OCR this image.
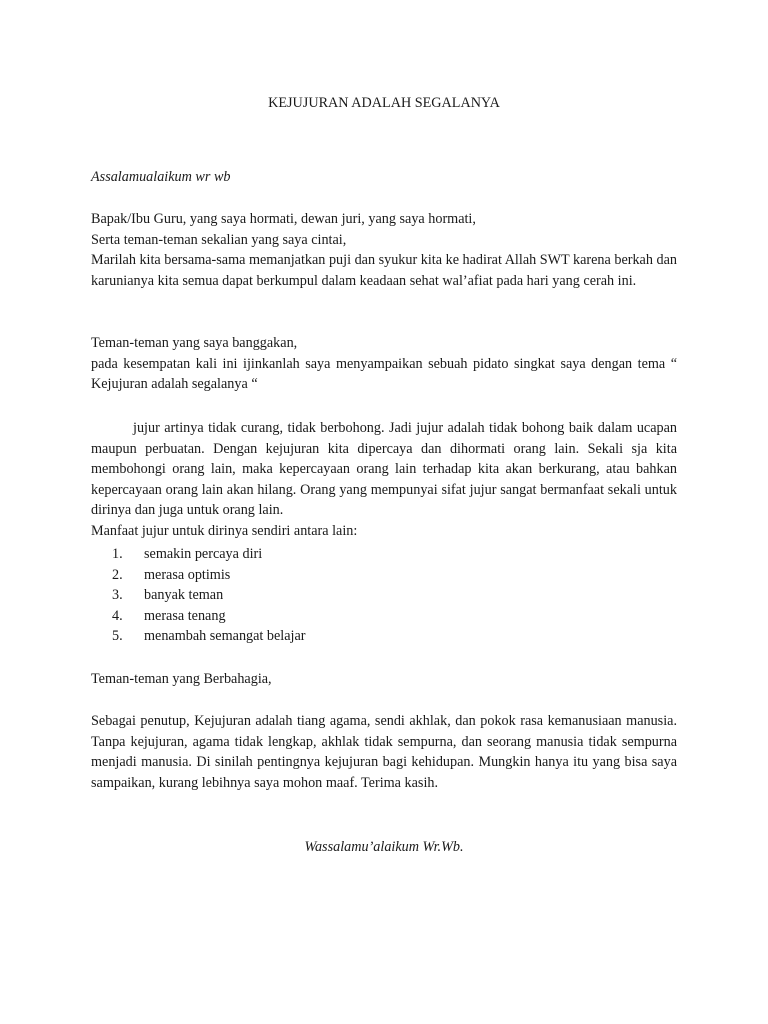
KEJUJURAN ADALAH SEGALANYA

Assalamualaikum wr wb

Bapak/Ibu Guru, yang saya hormati, dewan juri, yang saya hormati,

Serta teman-teman sekalian yang saya cintai,

Marilah kita bersama-sama memanjatkan puji dan syukur kita ke hadirat Allah SWT karena berkah dan karunianya kita semua dapat berkumpul dalam keadaan sehat wal’afiat pada hari yang cerah ini.

Teman-teman yang saya banggakan,

pada kesempatan kali ini ijinkanlah saya menyampaikan sebuah pidato singkat saya dengan tema “ Kejujuran adalah segalanya “

jujur artinya tidak curang, tidak berbohong. Jadi jujur adalah tidak bohong baik dalam ucapan maupun perbuatan. Dengan kejujuran kita dipercaya dan dihormati orang lain. Sekali sja kita membohongi orang lain, maka kepercayaan orang lain terhadap kita akan berkurang, atau bahkan kepercayaan orang lain akan hilang. Orang yang mempunyai sifat jujur sangat bermanfaat sekali untuk dirinya dan juga untuk orang lain.

Manfaat jujur untuk dirinya sendiri antara lain:

1. semakin percaya diri
2. merasa optimis
3. banyak teman
4. merasa tenang
5. menambah semangat belajar

Teman-teman yang Berbahagia,

Sebagai penutup, Kejujuran adalah tiang agama, sendi akhlak, dan pokok rasa kemanusiaan manusia. Tanpa kejujuran, agama tidak lengkap, akhlak tidak sempurna, dan seorang manusia tidak sempurna menjadi manusia. Di sinilah pentingnya kejujuran bagi kehidupan. Mungkin hanya itu yang bisa saya sampaikan, kurang lebihnya saya mohon maaf. Terima kasih.

Wassalamu’alaikum Wr.Wb.
